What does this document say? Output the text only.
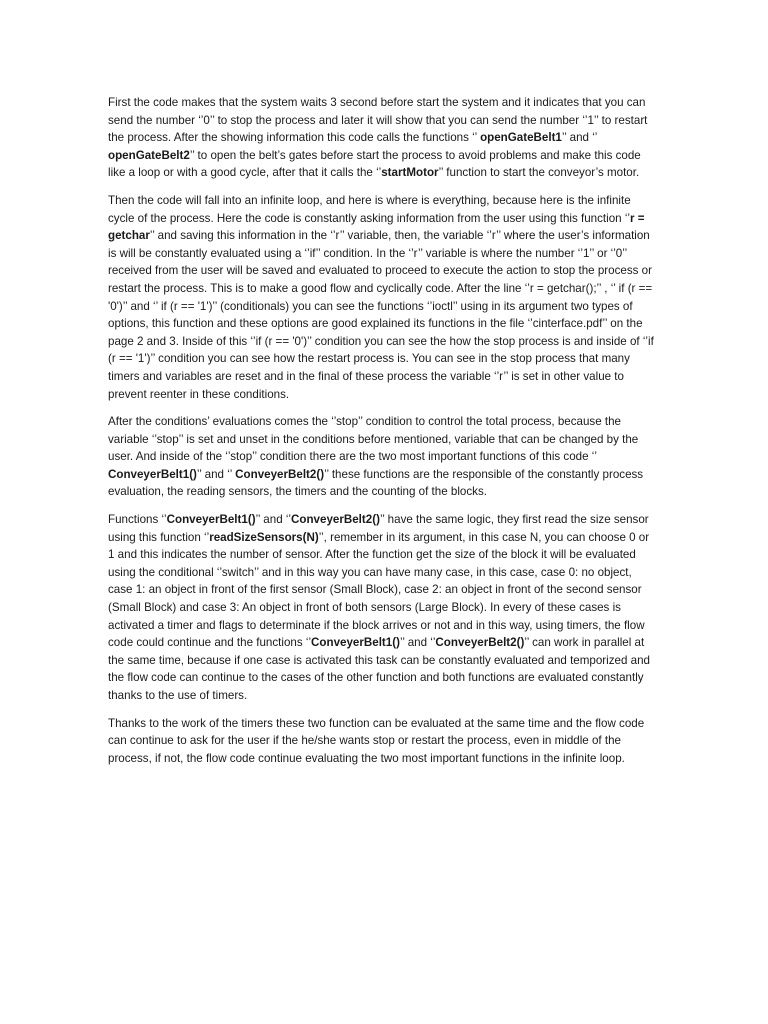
First the code makes that the system waits 3 second before start the system and it indicates that you can send the number ‘’0’’ to stop the process and later it will show that you can send the number ‘’1’’ to restart the process. After the showing information this code calls the functions ‘’ openGateBelt1’’ and ‘’ openGateBelt2’’ to open the belt’s gates before start the process to avoid problems and make this code like a loop or with a good cycle, after that it calls the ‘’startMotor’’ function to start the conveyor’s motor.

Then the code will fall into an infinite loop, and here is where is everything, because here is the infinite cycle of the process. Here the code is constantly asking information from the user using this function ‘’r = getchar’’ and saving this information in the ‘’r’’ variable, then, the variable ‘’r’’ where the user’s information is will be constantly evaluated using a ‘’if’’ condition. In the ‘’r’’ variable is where the number ‘’1’’ or ‘’0’’ received from the user will be saved and evaluated to proceed to execute the action to stop the process or restart the process. This is to make a good flow and cyclically code. After the line ‘’r = getchar();’’ , ‘’ if (r == '0')’’ and ‘’ if (r == '1')’’ (conditionals) you can see the functions ‘’ioctl’’ using in its argument two types of options, this function and these options are good explained its functions in the file ‘’cinterface.pdf’’ on the page 2 and 3. Inside of this ‘’if (r == '0')’’ condition you can see the how the stop process is and inside of ‘’if (r == '1')’’ condition you can see how the restart process is. You can see in the stop process that many timers and variables are reset and in the final of these process the variable ‘’r’’ is set in other value to prevent reenter in these conditions.

After the conditions’ evaluations comes the ‘’stop’’ condition to control the total process, because the variable ‘’stop’’ is set and unset in the conditions before mentioned, variable that can be changed by the user. And inside of the ‘’stop’’ condition there are the two most important functions of this code ‘’ ConveyerBelt1()’’ and ‘’ ConveyerBelt2()’’ these functions are the responsible of the constantly process evaluation, the reading sensors, the timers and the counting of the blocks.

Functions ‘’ConveyerBelt1()’’ and ‘’ConveyerBelt2()’’ have the same logic, they first read the size sensor using this function ‘’readSizeSensors(N)’’, remember in its argument, in this case N, you can choose 0 or 1 and this indicates the number of sensor. After the function get the size of the block it will be evaluated using the conditional ‘’switch’’ and in this way you can have many case, in this case, case 0: no object, case 1: an object in front of the first sensor (Small Block), case 2: an object in front of the second sensor (Small Block) and case 3: An object in front of both sensors (Large Block). In every of these cases is activated a timer and flags to determinate if the block arrives or not and in this way, using timers, the flow code could continue and the functions ‘’ConveyerBelt1()’’ and ‘’ConveyerBelt2()’’ can work in parallel at the same time, because if one case is activated this task can be constantly evaluated and temporized and the flow code can continue to the cases of the other function and both functions are evaluated constantly thanks to the use of timers.

Thanks to the work of the timers these two function can be evaluated at the same time and the flow code can continue to ask for the user if the he/she wants stop or restart the process, even in middle of the process, if not, the flow code continue evaluating the two most important functions in the infinite loop.
